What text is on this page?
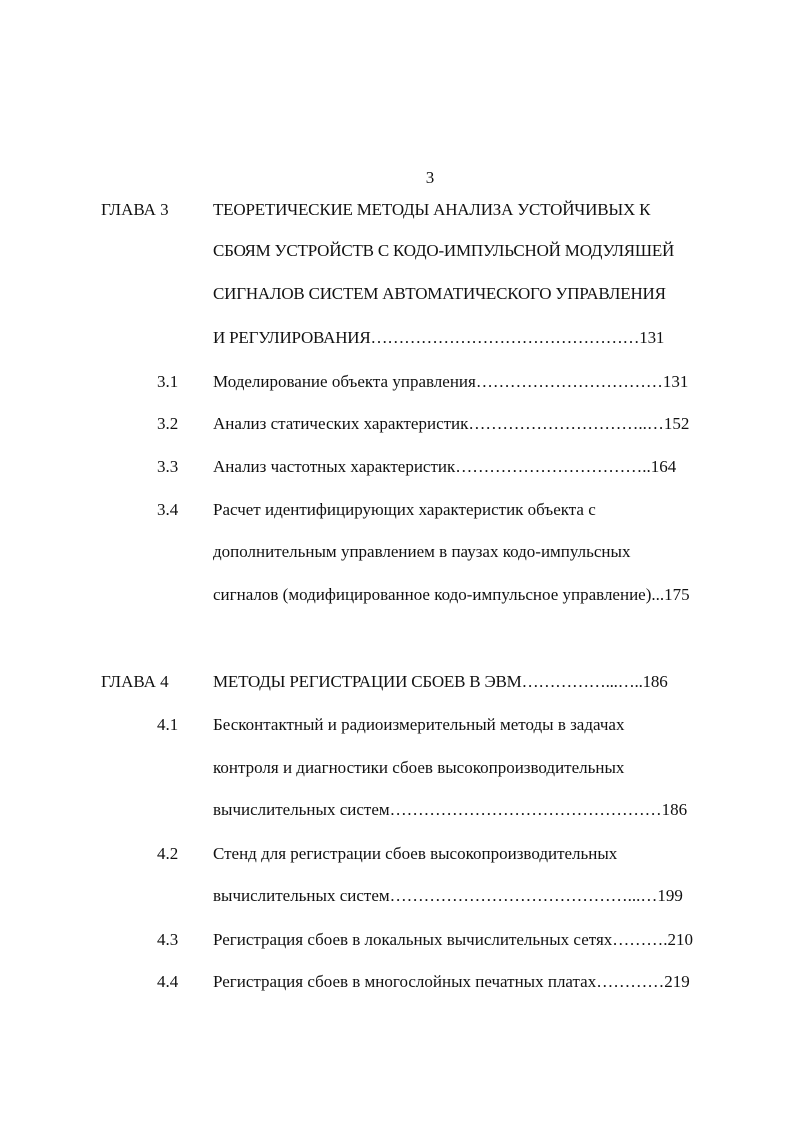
3
ГЛАВА 3	ТЕОРЕТИЧЕСКИЕ МЕТОДЫ АНАЛИЗА УСТОЙЧИВЫХ К
СБОЯМ УСТРОЙСТВ С КОДО-ИМПУЛЬСНОЙ МОДУЛЯШЕЙ
СИГНАЛОВ СИСТЕМ АВТОМАТИЧЕСКОГО УПРАВЛЕНИЯ
И РЕГУЛИРОВАНИЯ…………………………………………131
3.1 Моделирование объекта управления……………………………131
3.2 Анализ статических характеристик…………………………..…152
3.3 Анализ частотных характеристик……………………………..164
3.4 Расчет идентифицирующих характеристик объекта с
дополнительным управлением в паузах кодо-импульсных
сигналов (модифицированное кодо-импульсное управление)...175
ГЛАВА 4	МЕТОДЫ РЕГИСТРАЦИИ СБОЕВ В ЭВМ……………...…..186
4.1 Бесконтактный и радиоизмерительный методы в задачах
контроля и диагностики сбоев высокопроизводительных
вычислительных систем…………………………………………186
4.2 Стенд для регистрации сбоев высокопроизводительных
вычислительных систем……………………………………...…199
4.3 Регистрация сбоев в локальных вычислительных сетях……….210
4.4 Регистрация сбоев в многослойных печатных платах…………219
